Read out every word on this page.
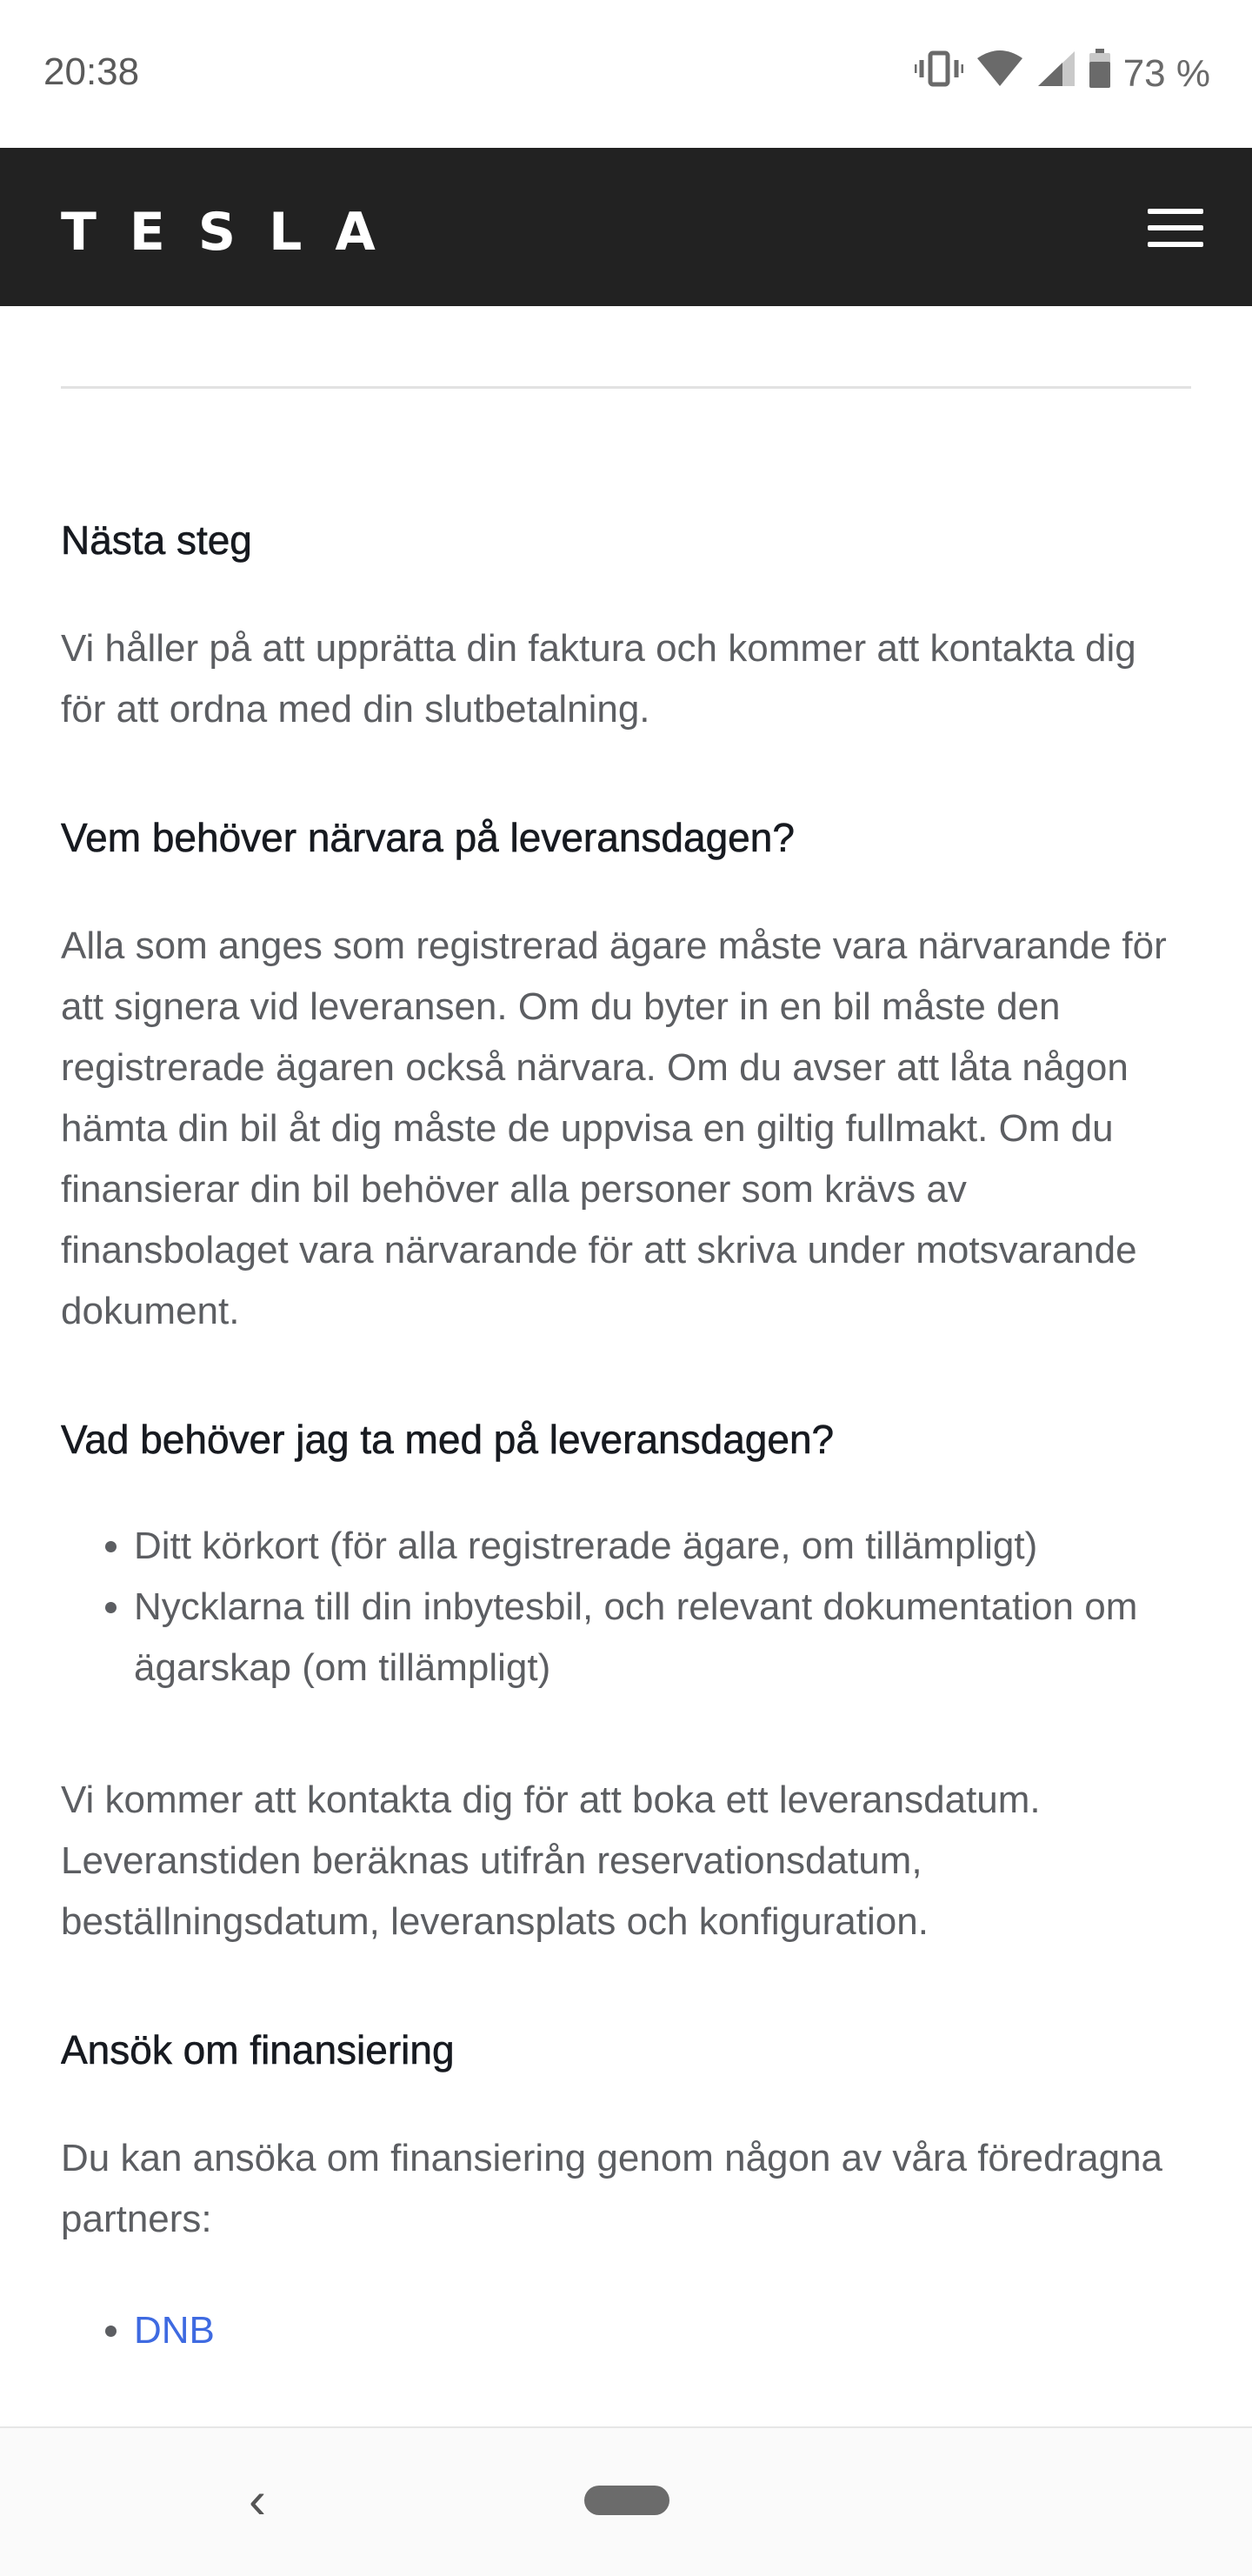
20:38	73 %
TESLA
Nästa steg

Vi håller på att upprätta din faktura och kommer att kontakta dig för att ordna med din slutbetalning.

Vem behöver närvara på leveransdagen?

Alla som anges som registrerad ägare måste vara närvarande för att signera vid leveransen. Om du byter in en bil måste den registrerade ägaren också närvara. Om du avser att låta någon hämta din bil åt dig måste de uppvisa en giltig fullmakt. Om du finansierar din bil behöver alla personer som krävs av finansbolaget vara närvarande för att skriva under motsvarande dokument.

Vad behöver jag ta med på leveransdagen?
• Ditt körkort (för alla registrerade ägare, om tillämpligt)
• Nycklarna till din inbytesbil, och relevant dokumentation om ägarskap (om tillämpligt)

Vi kommer att kontakta dig för att boka ett leveransdatum. Leveranstiden beräknas utifrån reservationsdatum, beställningsdatum, leveransplats och konfiguration.

Ansök om finansiering

Du kan ansöka om finansiering genom någon av våra föredragna partners:

• DNB
‹
